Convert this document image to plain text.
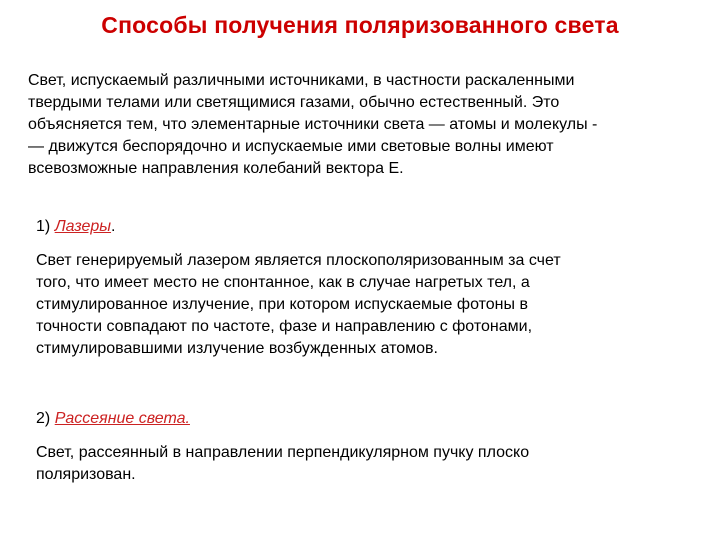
Способы получения поляризованного света
Свет, испускаемый различными источниками, в частности раскаленными
твердыми телами или светящимися газами, обычно естественный. Это
объясняется тем, что элементарные источники света — атомы и молекулы -
— движутся беспорядочно и испускаемые ими световые волны имеют
всевозможные направления колебаний вектора E.
1) Лазеры.
Свет генерируемый лазером является плоскополяризованным за счет
того, что имеет место не спонтанное, как в случае нагретых тел, а
стимулированное излучение, при котором испускаемые фотоны в
точности совпадают по частоте, фазе и направлению с фотонами,
стимулировавшими излучение возбужденных атомов.
2) Рассеяние света.
Свет, рассеянный в направлении перпендикулярном пучку плоско
поляризован.
